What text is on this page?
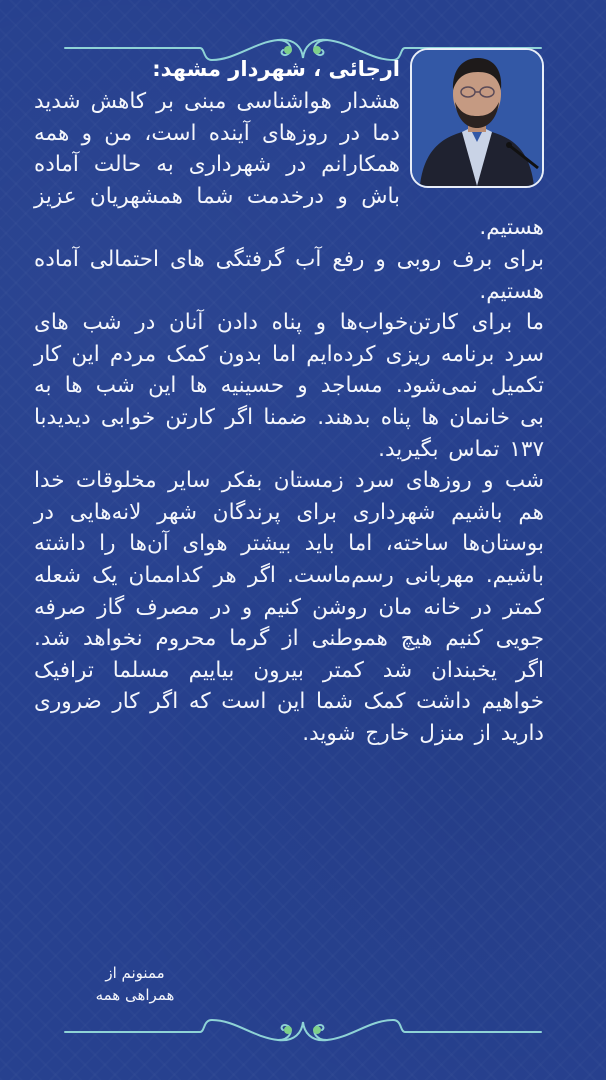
ارجائی ، شهردار مشهد:

هشدار هواشناسی مبنی بر کاهش شدید دما در روزهای آینده است، من و همه همکارانم در شهرداری به حالت آماده باش و درخدمت شما همشهریان عزیز هستیم.

برای برف روبی و رفع آب گرفتگی های احتمالی آماده هستیم.

ما برای کارتن‌خواب‌ها و پناه دادن آنان در شب های سرد برنامه ریزی کرده‌ایم اما بدون کمک مردم این کار تکمیل نمی‌شود. مساجد و حسینیه ها این شب ها به بی خانمان ها پناه بدهند. ضمنا اگر کارتن خوابی دیدیدبا ۱۳۷ تماس بگیرید.

شب و روزهای سرد زمستان بفکر سایر مخلوقات خدا هم باشیم شهرداری برای پرندگان شهر لانه‌هایی در بوستان‌ها ساخته، اما باید بیشتر هوای آن‌ها را داشته باشیم. مهربانی رسم‌ماست. اگر هر کداممان یک شعله کمتر در خانه مان روشن کنیم و در مصرف گاز صرفه جویی کنیم هیچ هموطنی از گرما محروم نخواهد شد. اگر یخبندان شد کمتر بیرون بیاییم مسلما ترافیک خواهیم داشت کمک شما این است که اگر کار ضروری دارید از منزل خارج شوید.

ممنونم از
همراهی همه
